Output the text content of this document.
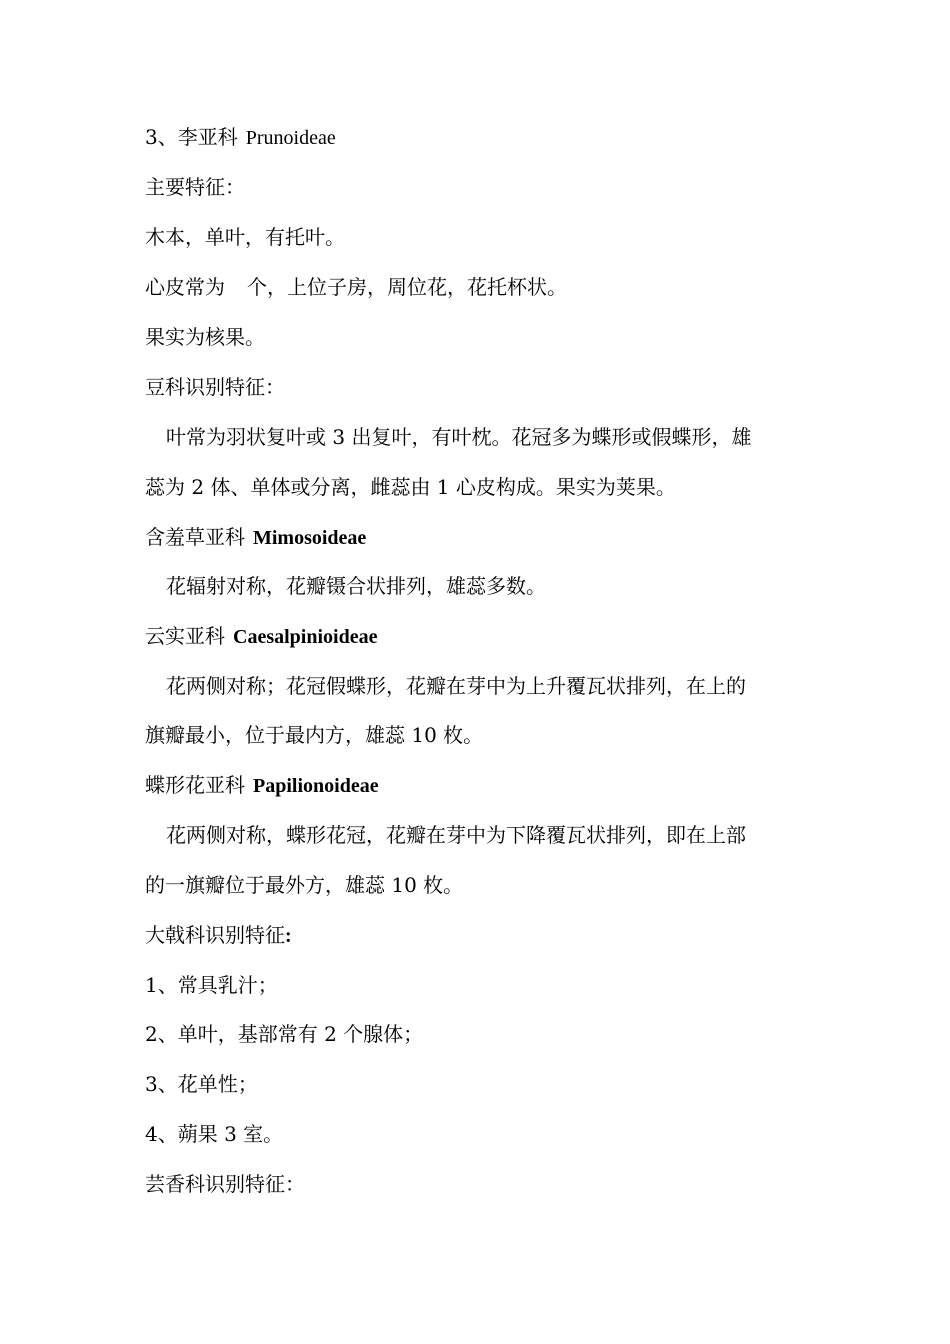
3、李亚科 Prunoideae
主要特征：
木本，单叶，有托叶。
心皮常为 个，上位子房，周位花，花托杯状。
果实为核果。
豆科识别特征：
叶常为羽状复叶或 3 出复叶，有叶枕。花冠多为蝶形或假蝶形，雄
蕊为 2 体、单体或分离，雌蕊由 1 心皮构成。果实为荚果。
含羞草亚科 Mimosoideae
花辐射对称，花瓣镊合状排列，雄蕊多数。
云实亚科 Caesalpinioideae
花两侧对称；花冠假蝶形，花瓣在芽中为上升覆瓦状排列，在上的
旗瓣最小，位于最内方，雄蕊 10 枚。
蝶形花亚科 Papilionoideae
花两侧对称，蝶形花冠，花瓣在芽中为下降覆瓦状排列，即在上部
的一旗瓣位于最外方，雄蕊 10 枚。
大戟科识别特征:
1、常具乳汁；
2、单叶，基部常有 2 个腺体；
3、花单性；
4、蒴果 3 室。
芸香科识别特征：
